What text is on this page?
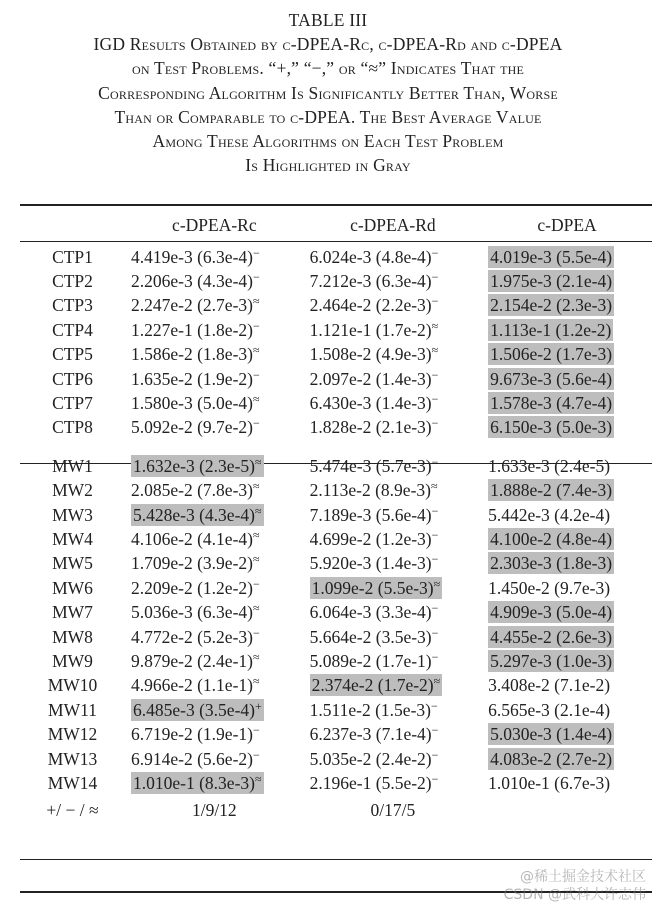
TABLE III
IGD Results Obtained by c-DPEA-Rc, c-DPEA-Rd and c-DPEA
on Test Problems. “+,” “−,” or “≈” Indicates That the
Corresponding Algorithm Is Significantly Better Than, Worse
Than or Comparable to c-DPEA. The Best Average Value
Among These Algorithms on Each Test Problem
Is Highlighted in Gray
	c-DPEA-Rc	c-DPEA-Rd	c-DPEA

CTP1	4.419e-3 (6.3e-4)−	6.024e-3 (4.8e-4)−	4.019e-3 (5.5e-4)
CTP2	2.206e-3 (4.3e-4)−	7.212e-3 (6.3e-4)−	1.975e-3 (2.1e-4)
CTP3	2.247e-2 (2.7e-3)≈	2.464e-2 (2.2e-3)−	2.154e-2 (2.3e-3)
CTP4	1.227e-1 (1.8e-2)−	1.121e-1 (1.7e-2)≈	1.113e-1 (1.2e-2)
CTP5	1.586e-2 (1.8e-3)≈	1.508e-2 (4.9e-3)≈	1.506e-2 (1.7e-3)
CTP6	1.635e-2 (1.9e-2)−	2.097e-2 (1.4e-3)−	9.673e-3 (5.6e-4)
CTP7	1.580e-3 (5.0e-4)≈	6.430e-3 (1.4e-3)−	1.578e-3 (4.7e-4)
CTP8	5.092e-2 (9.7e-2)−	1.828e-2 (2.1e-3)−	6.150e-3 (5.0e-3)

MW1	1.632e-3 (2.3e-5)≈	5.474e-3 (5.7e-3)−	1.633e-3 (2.4e-5)
MW2	2.085e-2 (7.8e-3)≈	2.113e-2 (8.9e-3)≈	1.888e-2 (7.4e-3)
MW3	5.428e-3 (4.3e-4)≈	7.189e-3 (5.6e-4)−	5.442e-3 (4.2e-4)
MW4	4.106e-2 (4.1e-4)≈	4.699e-2 (1.2e-3)−	4.100e-2 (4.8e-4)
MW5	1.709e-2 (3.9e-2)≈	5.920e-3 (1.4e-3)−	2.303e-3 (1.8e-3)
MW6	2.209e-2 (1.2e-2)−	1.099e-2 (5.5e-3)≈	1.450e-2 (9.7e-3)
MW7	5.036e-3 (6.3e-4)≈	6.064e-3 (3.3e-4)−	4.909e-3 (5.0e-4)
MW8	4.772e-2 (5.2e-3)−	5.664e-2 (3.5e-3)−	4.455e-2 (2.6e-3)
MW9	9.879e-2 (2.4e-1)≈	5.089e-2 (1.7e-1)−	5.297e-3 (1.0e-3)
MW10	4.966e-2 (1.1e-1)≈	2.374e-2 (1.7e-2)≈	3.408e-2 (7.1e-2)
MW11	6.485e-3 (3.5e-4)+	1.511e-2 (1.5e-3)−	6.565e-3 (2.1e-4)
MW12	6.719e-2 (1.9e-1)−	6.237e-3 (7.1e-4)−	5.030e-3 (1.4e-4)
MW13	6.914e-2 (5.6e-2)−	5.035e-2 (2.4e-2)−	4.083e-2 (2.7e-2)
MW14	1.010e-1 (8.3e-3)≈	2.196e-1 (5.5e-2)−	1.010e-1 (6.7e-3)
+/ − / ≈	1/9/12	0/17/5	
@稀土掘金技术社区
CSDN @武科大许志伟
